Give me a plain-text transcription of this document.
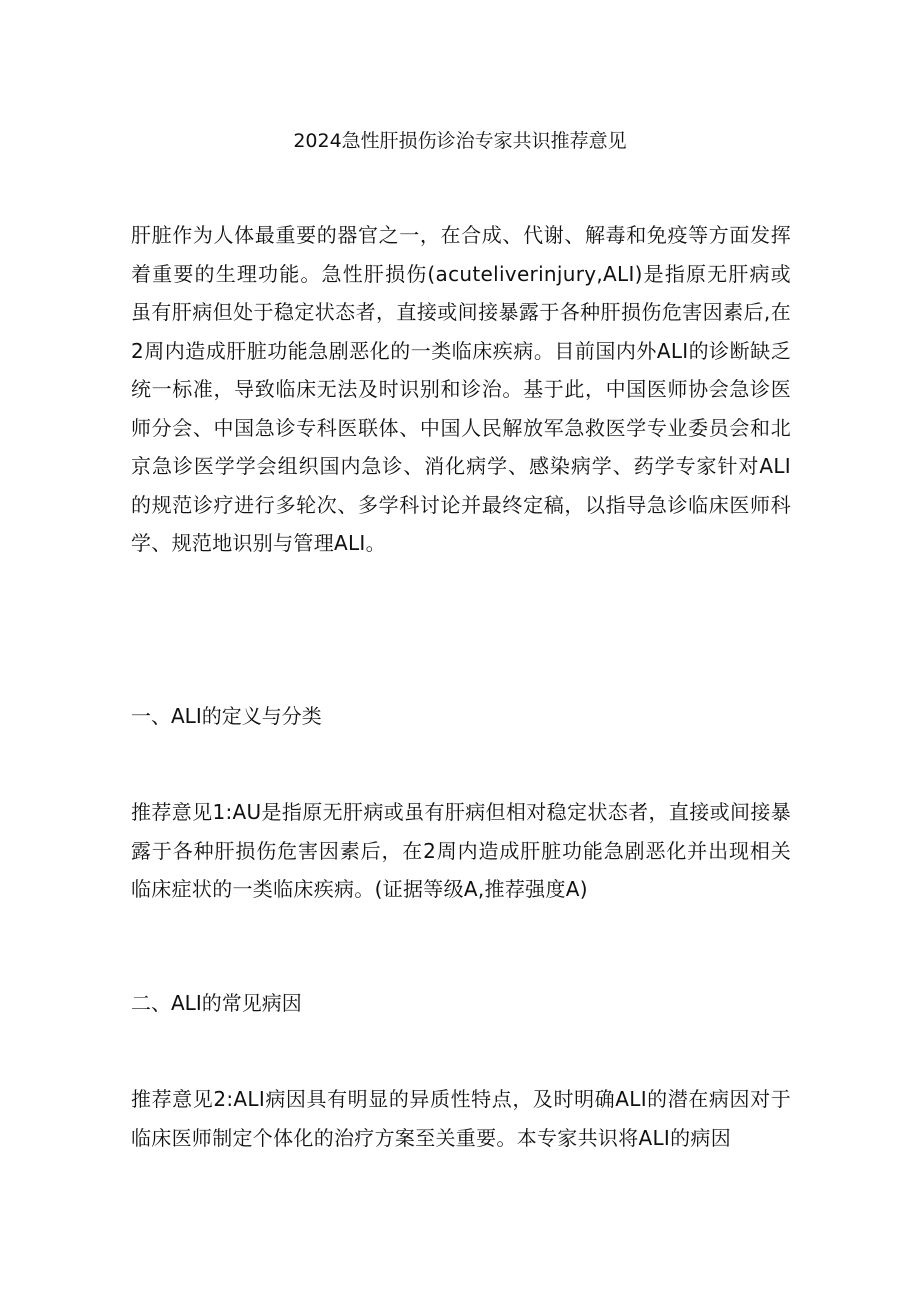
2024急性肝损伤诊治专家共识推荐意见

肝脏作为人体最重要的器官之一，在合成、代谢、解毒和免疫等方面发挥着重要的生理功能。急性肝损伤(acuteliverinjury,ALI)是指原无肝病或虽有肝病但处于稳定状态者，直接或间接暴露于各种肝损伤危害因素后,在2周内造成肝脏功能急剧恶化的一类临床疾病。目前国内外ALI的诊断缺乏统一标准，导致临床无法及时识别和诊治。基于此，中国医师协会急诊医师分会、中国急诊专科医联体、中国人民解放军急救医学专业委员会和北京急诊医学学会组织国内急诊、消化病学、感染病学、药学专家针对ALI的规范诊疗进行多轮次、多学科讨论并最终定稿，以指导急诊临床医师科学、规范地识别与管理ALI。

一、ALI的定义与分类

推荐意见1:AU是指原无肝病或虽有肝病但相对稳定状态者，直接或间接暴露于各种肝损伤危害因素后，在2周内造成肝脏功能急剧恶化并出现相关临床症状的一类临床疾病。(证据等级A,推荐强度A)

二、ALI的常见病因

推荐意见2:ALI病因具有明显的异质性特点，及时明确ALI的潜在病因对于临床医师制定个体化的治疗方案至关重要。本专家共识将ALI的病因
